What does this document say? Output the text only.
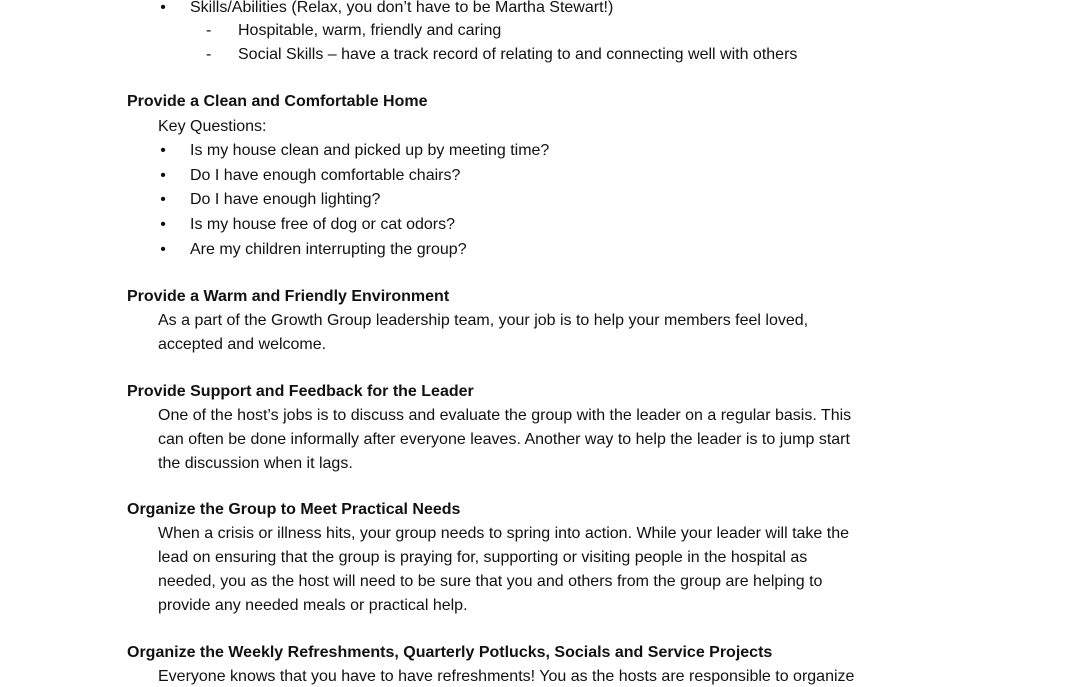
• Skills/Abilities (Relax, you don’t have to be Martha Stewart!)
- Hospitable, warm, friendly and caring
- Social Skills – have a track record of relating to and connecting well with others
Provide a Clean and Comfortable Home
Key Questions:
• Is my house clean and picked up by meeting time?
• Do I have enough comfortable chairs?
• Do I have enough lighting?
• Is my house free of dog or cat odors?
• Are my children interrupting the group?
Provide a Warm and Friendly Environment
As a part of the Growth Group leadership team, your job is to help your members feel loved,
accepted and welcome.
Provide Support and Feedback for the Leader
One of the host’s jobs is to discuss and evaluate the group with the leader on a regular basis. This
can often be done informally after everyone leaves. Another way to help the leader is to jump start
the discussion when it lags.
Organize the Group to Meet Practical Needs
When a crisis or illness hits, your group needs to spring into action. While your leader will take the
lead on ensuring that the group is praying for, supporting or visiting people in the hospital as
needed, you as the host will need to be sure that you and others from the group are helping to
provide any needed meals or practical help.
Organize the Weekly Refreshments, Quarterly Potlucks, Socials and Service Projects
Everyone knows that you have to have refreshments! You as the hosts are responsible to organize
